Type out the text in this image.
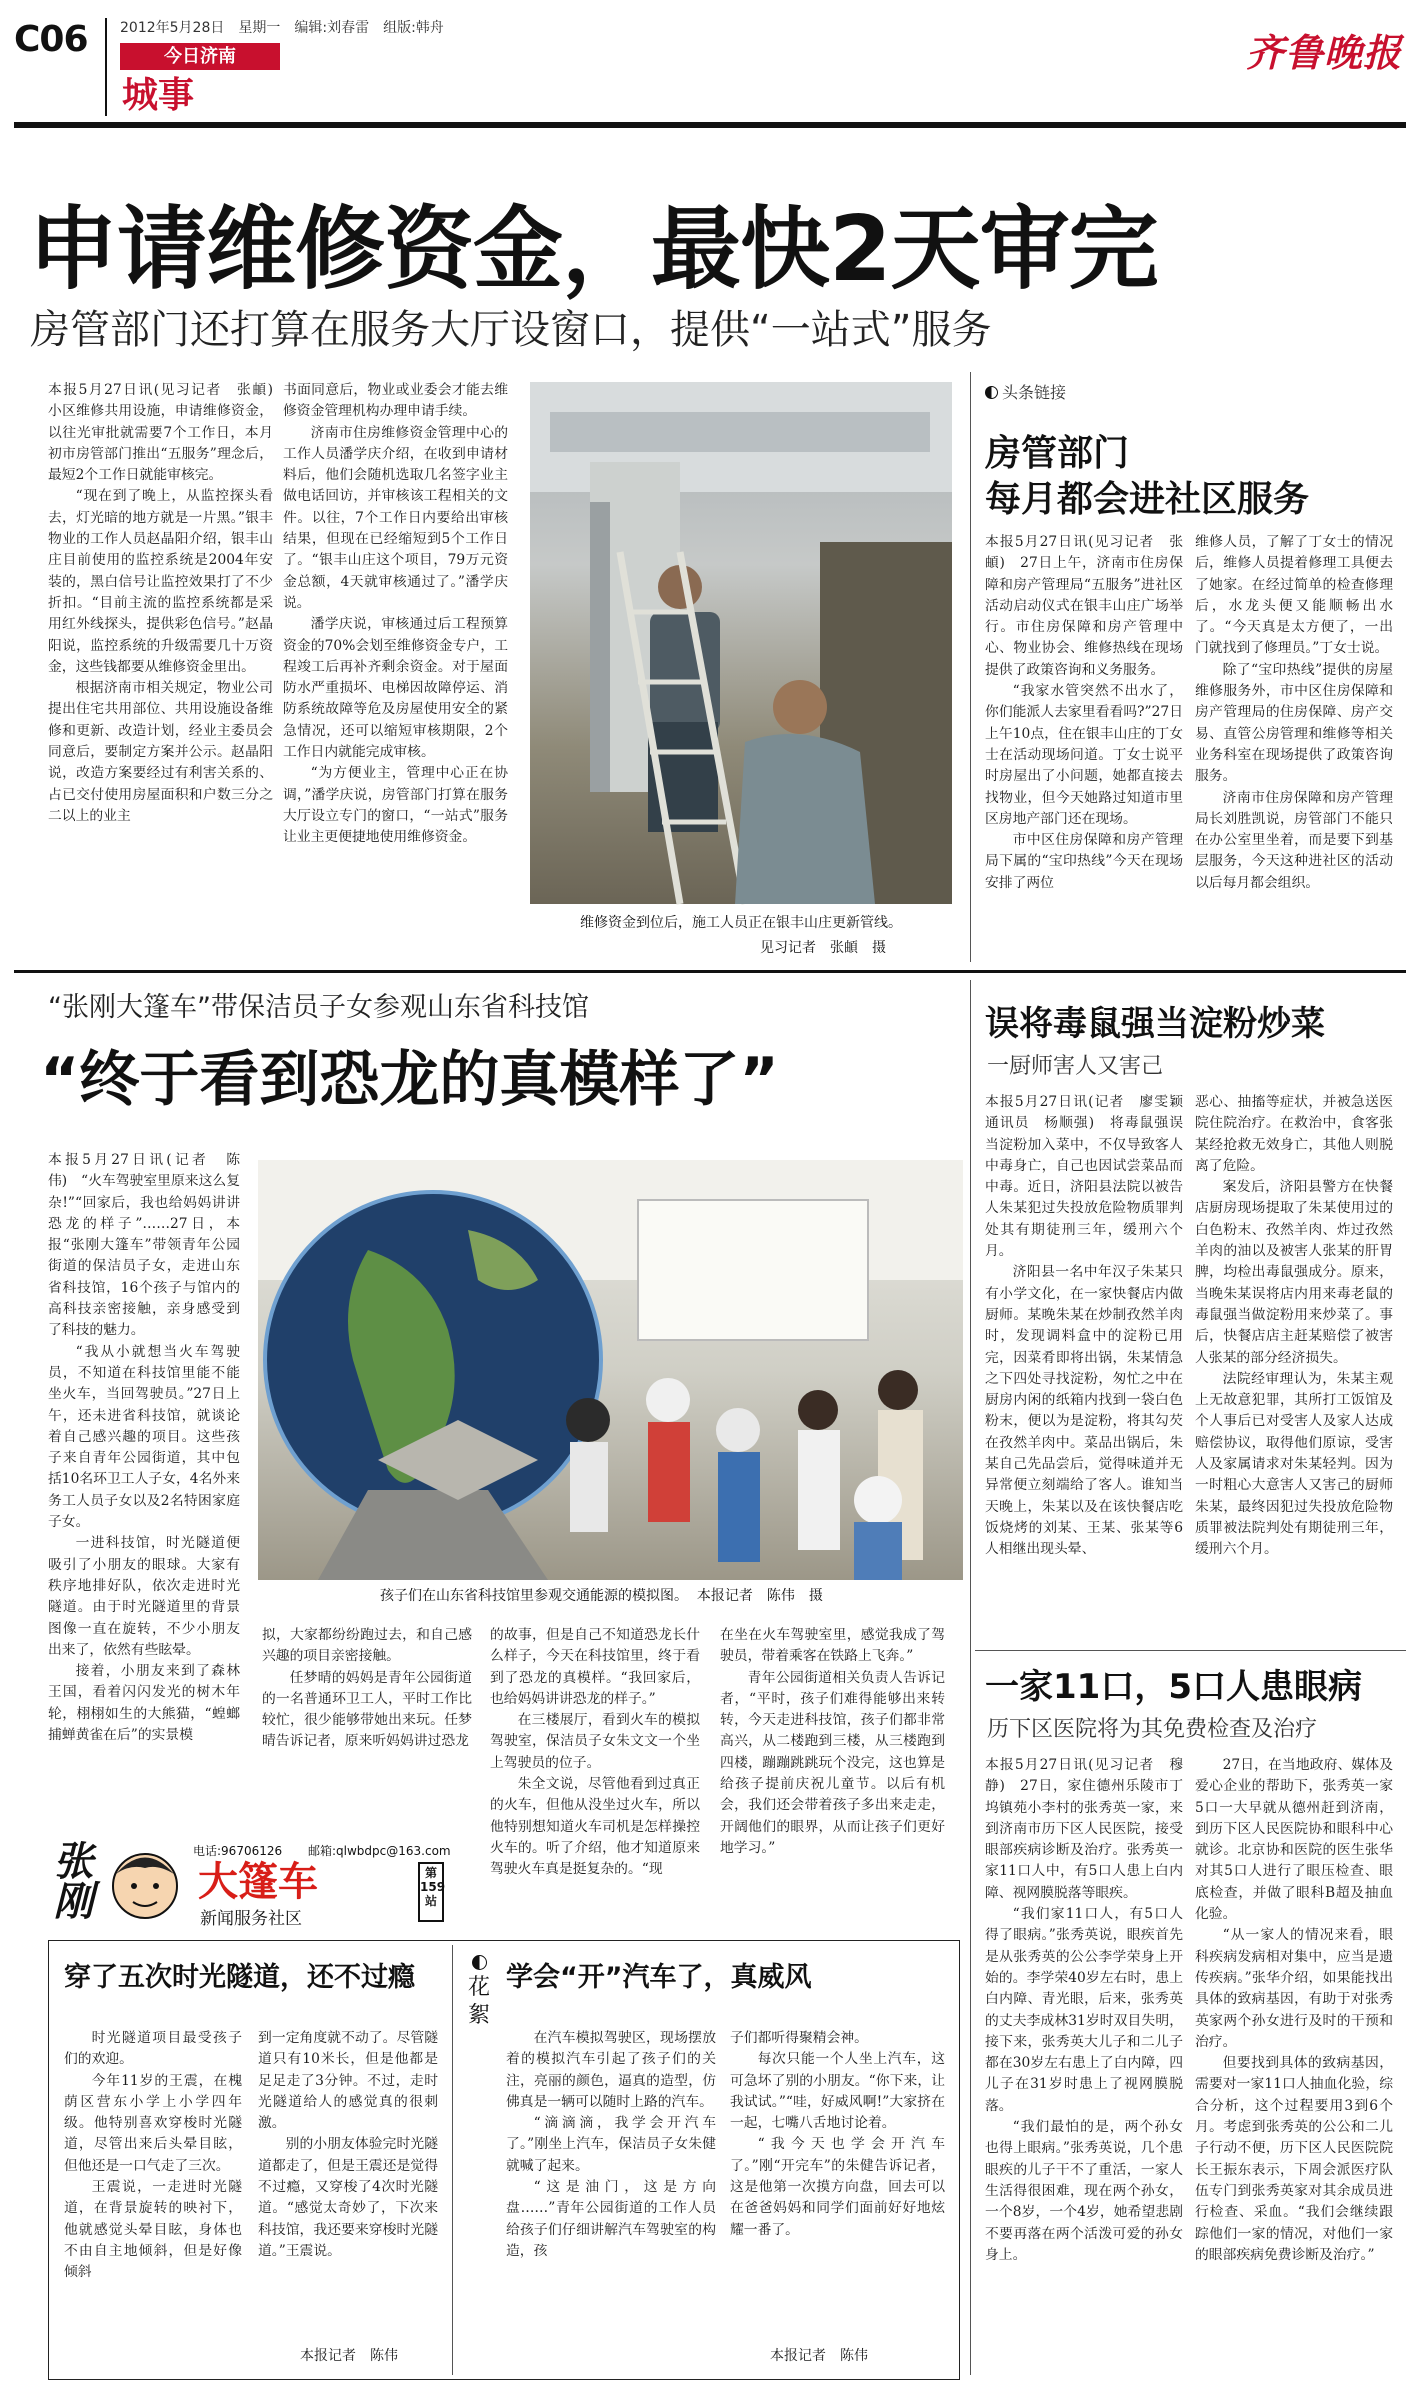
C06 2012年5月28日　星期一　编辑:刘春雷　组版:韩舟
今日济南
城事
齐鲁晚报
申请维修资金，最快2天审完
房管部门还打算在服务大厅设窗口，提供“一站式”服务

本报5月27日讯(见习记者　张頔)　小区维修共用设施，申请维修资金，以往光审批就需要7个工作日，本月初市房管部门推出“五服务”理念后，最短2个工作日就能审核完。

“现在到了晚上，从监控探头看去，灯光暗的地方就是一片黑。”银丰物业的工作人员赵晶阳介绍，银丰山庄目前使用的监控系统是2004年安装的，黑白信号让监控效果打了不少折扣。“目前主流的监控系统都是采用红外线探头，提供彩色信号。”赵晶阳说，监控系统的升级需要几十万资金，这些钱都要从维修资金里出。

根据济南市相关规定，物业公司提出住宅共用部位、共用设施设备维修和更新、改造计划，经业主委员会同意后，要制定方案并公示。赵晶阳说，改造方案要经过有利害关系的、占已交付使用房屋面积和户数三分之二以上的业主

书面同意后，物业或业委会才能去维修资金管理机构办理申请手续。

济南市住房维修资金管理中心的工作人员潘学庆介绍，在收到申请材料后，他们会随机选取几名签字业主做电话回访，并审核该工程相关的文件。以往，7个工作日内要给出审核结果，但现在已经缩短到5个工作日了。“银丰山庄这个项目，79万元资金总额，4天就审核通过了。”潘学庆说。

潘学庆说，审核通过后工程预算资金的70%会划至维修资金专户，工程竣工后再补齐剩余资金。对于屋面防水严重损坏、电梯因故障停运、消防系统故障等危及房屋使用安全的紧急情况，还可以缩短审核期限，2个工作日内就能完成审核。

“为方便业主，管理中心正在协调，”潘学庆说，房管部门打算在服务大厅设立专门的窗口，“一站式”服务让业主更便捷地使用维修资金。

维修资金到位后，施工人员正在银丰山庄更新管线。
见习记者　张頔　摄
头条链接
房管部门
每月都会进社区服务

本报5月27日讯(见习记者　张頔)　27日上午，济南市住房保障和房产管理局“五服务”进社区活动启动仪式在银丰山庄广场举行。市住房保障和房产管理中心、物业协会、维修热线在现场提供了政策咨询和义务服务。

“我家水管突然不出水了，你们能派人去家里看看吗?”27日上午10点，住在银丰山庄的丁女士在活动现场问道。丁女士说平时房屋出了小问题，她都直接去找物业，但今天她路过知道市里区房地产部门还在现场。

市中区住房保障和房产管理局下属的“宝印热线”今天在现场安排了两位

维修人员，了解了丁女士的情况后，维修人员提着修理工具便去了她家。在经过简单的检查修理后，水龙头便又能顺畅出水了。“今天真是太方便了，一出门就找到了修理员。”丁女士说。

除了“宝印热线”提供的房屋维修服务外，市中区住房保障和房产管理局的住房保障、房产交易、直管公房管理和维修等相关业务科室在现场提供了政策咨询服务。

济南市住房保障和房产管理局长刘胜凯说，房管部门不能只在办公室里坐着，而是要下到基层服务，今天这种进社区的活动以后每月都会组织。

“张刚大篷车”带保洁员子女参观山东省科技馆
“终于看到恐龙的真模样了”

本报5月27日讯(记者　陈伟)　“火车驾驶室里原来这么复杂!”“回家后，我也给妈妈讲讲恐龙的样子”……27日，本报“张刚大篷车”带领青年公园街道的保洁员子女，走进山东省科技馆，16个孩子与馆内的高科技亲密接触，亲身感受到了科技的魅力。

“我从小就想当火车驾驶员，不知道在科技馆里能不能坐火车，当回驾驶员。”27日上午，还未进省科技馆，就谈论着自己感兴趣的项目。这些孩子来自青年公园街道，其中包括10名环卫工人子女，4名外来务工人员子女以及2名特困家庭子女。

一进科技馆，时光隧道便吸引了小朋友的眼球。大家有秩序地排好队，依次走进时光隧道。由于时光隧道里的背景图像一直在旋转，不少小朋友出来了，依然有些眩晕。

接着，小朋友来到了森林王国，看着闪闪发光的树木年轮，栩栩如生的大熊猫，“蝗螂捕蝉黄雀在后”的实景模

孩子们在山东省科技馆里参观交通能源的模拟图。 本报记者　陈伟　摄

拟，大家都纷纷跑过去，和自己感兴趣的项目亲密接触。

任梦晴的妈妈是青年公园街道的一名普通环卫工人，平时工作比较忙，很少能够带她出来玩。任梦晴告诉记者，原来听妈妈讲过恐龙

的故事，但是自己不知道恐龙长什么样子，今天在科技馆里，终于看到了恐龙的真模样。“我回家后，也给妈妈讲讲恐龙的样子。”

在三楼展厅，看到火车的模拟驾驶室，保洁员子女朱文文一个坐上驾驶员的位子。

朱全文说，尽管他看到过真正的火车，但他从没坐过火车，所以他特别想知道火车司机是怎样操控火车的。听了介绍，他才知道原来驾驶火车真是挺复杂的。“现

在坐在火车驾驶室里，感觉我成了驾驶员，带着乘客在铁路上飞奔。”

青年公园街道相关负责人告诉记者，“平时，孩子们难得能够出来转转，今天走进科技馆，孩子们都非常高兴，从二楼跑到三楼，从三楼跑到四楼，蹦蹦跳跳玩个没完，这也算是给孩子提前庆祝儿童节。以后有机会，我们还会带着孩子多出来走走，开阔他们的眼界，从而让孩子们更好地学习。”

张刚	电话:96706126 邮箱:qlwbdpc@163.com
大篷车
新闻服务社区
第159站
花
絮
穿了五次时光隧道，还不过瘾

时光隧道项目最受孩子们的欢迎。

今年11岁的王震，在槐荫区营东小学上小学四年级。他特别喜欢穿梭时光隧道，尽管出来后头晕目眩，但他还是一口气走了三次。

王震说，一走进时光隧道，在背景旋转的映衬下，他就感觉头晕目眩，身体也不由自主地倾斜，但是好像倾斜

到一定角度就不动了。尽管隧道只有10米长，但是他都是足足走了3分钟。不过，走时光隧道给人的感觉真的很刺激。

别的小朋友体验完时光隧道都走了，但是王震还是觉得不过瘾，又穿梭了4次时光隧道。“感觉太奇妙了，下次来科技馆，我还要来穿梭时光隧道。”王震说。

本报记者　陈伟
学会“开”汽车了，真威风

在汽车模拟驾驶区，现场摆放着的模拟汽车引起了孩子们的关注，亮丽的颜色，逼真的造型，仿佛真是一辆可以随时上路的汽车。

“滴滴滴，我学会开汽车了。”刚坐上汽车，保洁员子女朱健就喊了起来。

“这是油门，这是方向盘……”青年公园街道的工作人员给孩子们仔细讲解汽车驾驶室的构造，孩

子们都听得聚精会神。

每次只能一个人坐上汽车，这可急坏了别的小朋友。“你下来，让我试试。”“哇，好威风啊!”大家挤在一起，七嘴八舌地讨论着。

“我今天也学会开汽车了。”刚“开完车”的朱健告诉记者，这是他第一次摸方向盘，回去可以在爸爸妈妈和同学们面前好好地炫耀一番了。

本报记者　陈伟
误将毒鼠强当淀粉炒菜
一厨师害人又害己

本报5月27日讯(记者　廖雯颖　通讯员　杨顺强)　将毒鼠强误当淀粉加入菜中，不仅导致客人中毒身亡，自己也因试尝菜品而中毒。近日，济阳县法院以被告人朱某犯过失投放危险物质罪判处其有期徒刑三年，缓刑六个月。

济阳县一名中年汉子朱某只有小学文化，在一家快餐店内做厨师。某晚朱某在炒制孜然羊肉时，发现调料盒中的淀粉已用完，因菜肴即将出锅，朱某情急之下四处寻找淀粉，匆忙之中在厨房内闲的纸箱内找到一袋白色粉末，便以为是淀粉，将其勾芡在孜然羊肉中。菜品出锅后，朱某自己先品尝后，觉得味道并无异常便立刻端给了客人。谁知当天晚上，朱某以及在该快餐店吃饭烧烤的刘某、王某、张某等6人相继出现头晕、

恶心、抽搐等症状，并被急送医院住院治疗。在救治中，食客张某经抢救无效身亡，其他人则脱离了危险。

案发后，济阳县警方在快餐店厨房现场提取了朱某使用过的白色粉末、孜然羊肉、炸过孜然羊肉的油以及被害人张某的肝胃脾，均检出毒鼠强成分。原来，当晚朱某误将店内用来毒老鼠的毒鼠强当做淀粉用来炒菜了。事后，快餐店店主赶某赔偿了被害人张某的部分经济损失。

法院经审理认为，朱某主观上无故意犯罪，其所打工饭馆及个人事后已对受害人及家人达成赔偿协议，取得他们原谅，受害人及家属请求对朱某轻判。因为一时粗心大意害人又害己的厨师朱某，最终因犯过失投放危险物质罪被法院判处有期徒刑三年，缓刑六个月。

一家11口，5口人患眼病
历下区医院将为其免费检查及治疗

本报5月27日讯(见习记者　穆静)　27日，家住德州乐陵市丁坞镇苑小李村的张秀英一家，来到济南市历下区人民医院，接受眼部疾病诊断及治疗。张秀英一家11口人中，有5口人患上白内障、视网膜脱落等眼疾。

“我们家11口人，有5口人得了眼病。”张秀英说，眼疾首先是从张秀英的公公李学荣身上开始的。李学荣40岁左右时，患上白内障、青光眼，后来，张秀英的丈夫李成林31岁时双目失明，接下来，张秀英大儿子和二儿子都在30岁左右患上了白内障，四儿子在31岁时患上了视网膜脱落。

“我们最怕的是，两个孙女也得上眼病。”张秀英说，几个患眼疾的儿子干不了重活，一家人生活得很困难，现在两个孙女，一个8岁，一个4岁，她希望悲剧不要再落在两个活泼可爱的孙女身上。

27日，在当地政府、媒体及爱心企业的帮助下，张秀英一家5口一大早就从德州赶到济南，到历下区人民医院协和眼科中心就诊。北京协和医院的医生张华对其5口人进行了眼压检查、眼底检查，并做了眼科B超及抽血化验。

“从一家人的情况来看，眼科疾病发病相对集中，应当是遗传疾病。”张华介绍，如果能找出具体的致病基因，有助于对张秀英家两个孙女进行及时的干预和治疗。

但要找到具体的致病基因，需要对一家11口人抽血化验，综合分析，这个过程要用3到6个月。考虑到张秀英的公公和二儿子行动不便，历下区人民医院院长王振东表示，下周会派医疗队伍专门到张秀英家对其余成员进行检查、采血。“我们会继续跟踪他们一家的情况，对他们一家的眼部疾病免费诊断及治疗。”
